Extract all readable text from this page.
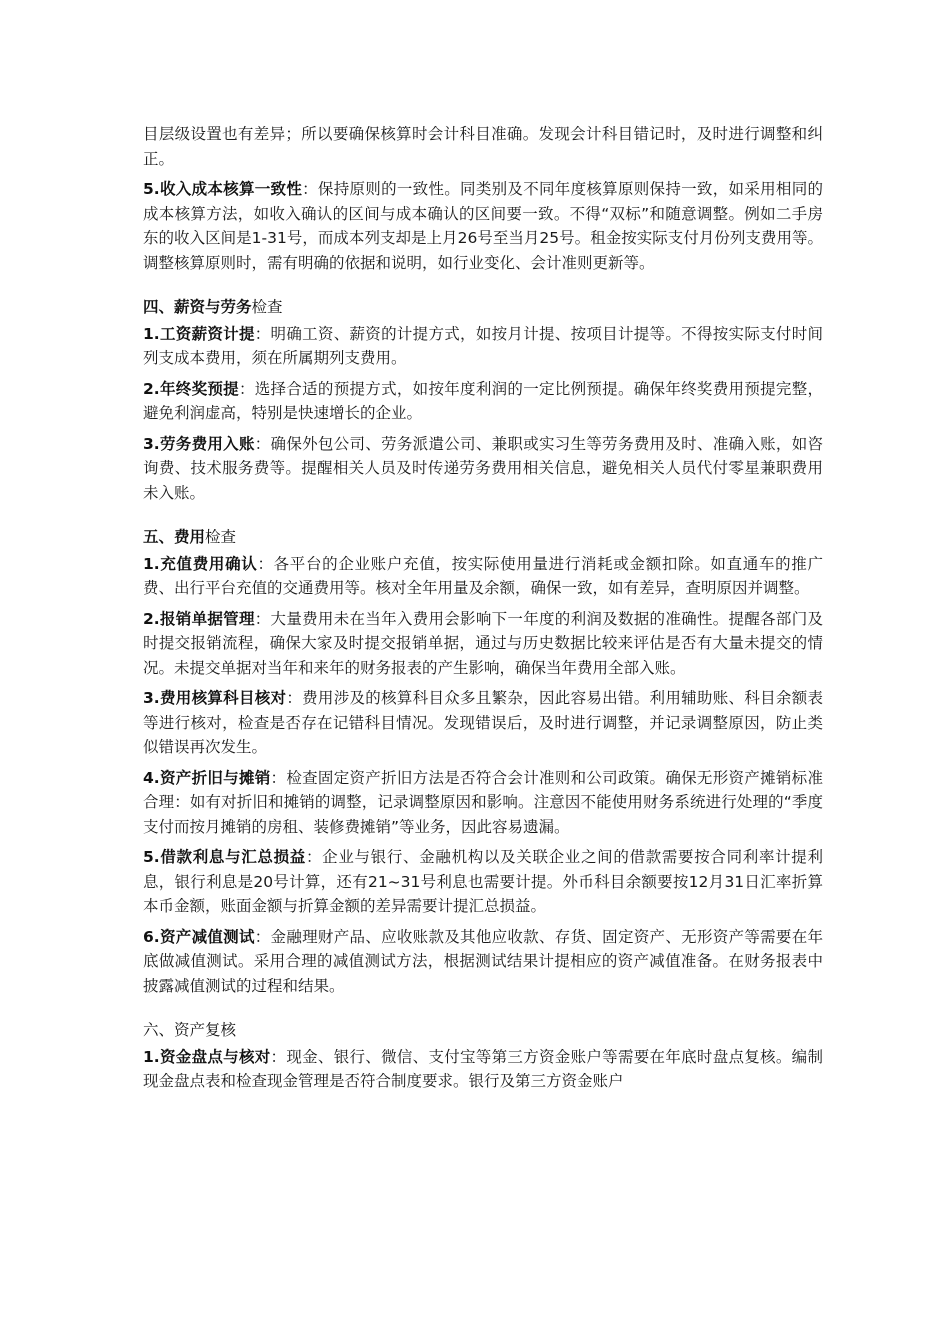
目层级设置也有差异；所以要确保核算时会计科目准确。发现会计科目错记时，及时进行调整和纠正。

5.收入成本核算一致性：保持原则的一致性。同类别及不同年度核算原则保持一致，如采用相同的成本核算方法，如收入确认的区间与成本确认的区间要一致。不得“双标”和随意调整。例如二手房东的收入区间是1-31号，而成本列支却是上月26号至当月25号。租金按实际支付月份列支费用等。调整核算原则时，需有明确的依据和说明，如行业变化、会计准则更新等。

四、薪资与劳务检查

1.工资薪资计提：明确工资、薪资的计提方式，如按月计提、按项目计提等。不得按实际支付时间列支成本费用，须在所属期列支费用。

2.年终奖预提：选择合适的预提方式，如按年度利润的一定比例预提。确保年终奖费用预提完整，避免利润虚高，特别是快速增长的企业。

3.劳务费用入账：确保外包公司、劳务派遣公司、兼职或实习生等劳务费用及时、准确入账，如咨询费、技术服务费等。提醒相关人员及时传递劳务费用相关信息，避免相关人员代付零星兼职费用未入账。

五、费用检查

1.充值费用确认：各平台的企业账户充值，按实际使用量进行消耗或金额扣除。如直通车的推广费、出行平台充值的交通费用等。核对全年用量及余额，确保一致，如有差异，查明原因并调整。

2.报销单据管理：大量费用未在当年入费用会影响下一年度的利润及数据的准确性。提醒各部门及时提交报销流程，确保大家及时提交报销单据，通过与历史数据比较来评估是否有大量未提交的情况。未提交单据对当年和来年的财务报表的产生影响，确保当年费用全部入账。

3.费用核算科目核对：费用涉及的核算科目众多且繁杂，因此容易出错。利用辅助账、科目余额表等进行核对，检查是否存在记错科目情况。发现错误后，及时进行调整，并记录调整原因，防止类似错误再次发生。

4.资产折旧与摊销：检查固定资产折旧方法是否符合会计准则和公司政策。确保无形资产摊销标准合理：如有对折旧和摊销的调整，记录调整原因和影响。注意因不能使用财务系统进行处理的“季度支付而按月摊销的房租、装修费摊销”等业务，因此容易遗漏。

5.借款利息与汇总损益：企业与银行、金融机构以及关联企业之间的借款需要按合同利率计提利息，银行利息是20号计算，还有21~31号利息也需要计提。外币科目余额要按12月31日汇率折算本币金额，账面金额与折算金额的差异需要计提汇总损益。

6.资产减值测试：金融理财产品、应收账款及其他应收款、存货、固定资产、无形资产等需要在年底做减值测试。采用合理的减值测试方法，根据测试结果计提相应的资产减值准备。在财务报表中披露减值测试的过程和结果。

六、资产复核

1.资金盘点与核对：现金、银行、微信、支付宝等第三方资金账户等需要在年底时盘点复核。编制现金盘点表和检查现金管理是否符合制度要求。银行及第三方资金账户
